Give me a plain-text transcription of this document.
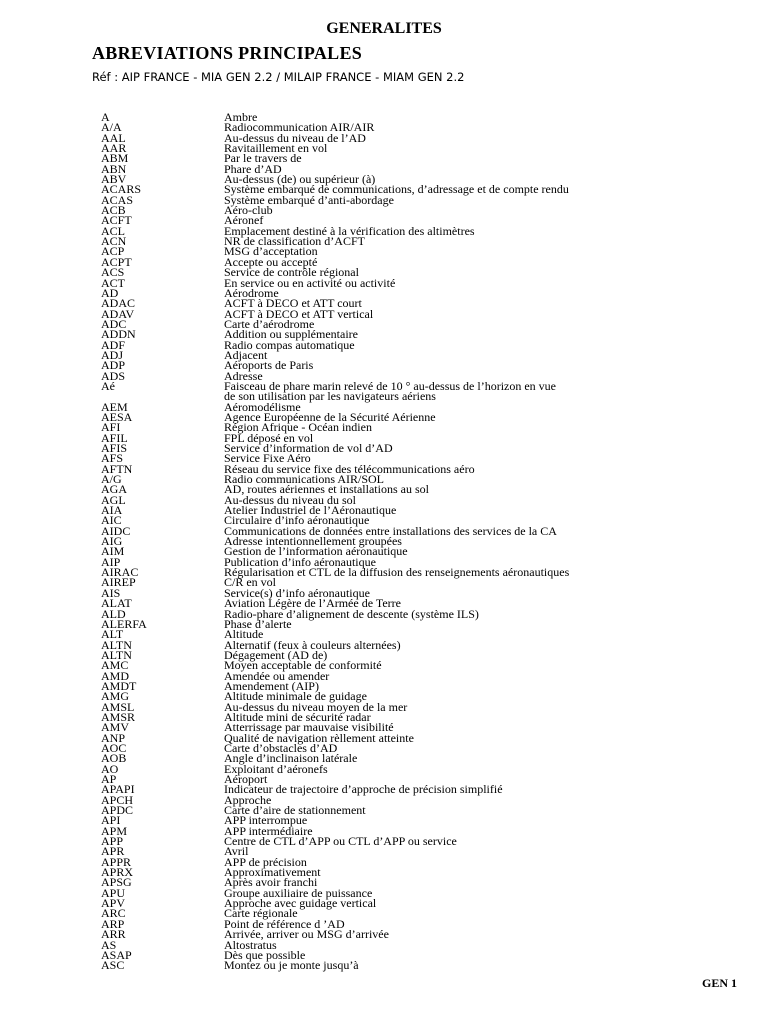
GENERALITES
ABREVIATIONS PRINCIPALES
Réf : AIP FRANCE - MIA GEN 2.2 / MILAIP FRANCE - MIAM GEN 2.2
A	Ambre
A/A	Radiocommunication AIR/AIR
AAL	Au-dessus du niveau de l’AD
AAR	Ravitaillement en vol
ABM	Par le travers de
ABN	Phare d’AD
ABV	Au-dessus (de) ou supérieur (à)
ACARS	Système embarqué de communications, d’adressage et de compte rendu
ACAS	Système embarqué d’anti-abordage
ACB	Aéro-club
ACFT	Aéronef
ACL	Emplacement destiné à la vérification des altimètres
ACN	NR de classification d’ACFT
ACP	MSG d’acceptation
ACPT	Accepte ou accepté
ACS	Service de contrôle régional
ACT	En service ou en activité ou activité
AD	Aérodrome
ADAC	ACFT à DECO et ATT court
ADAV	ACFT à DECO et ATT vertical
ADC	Carte d’aérodrome
ADDN	Addition ou supplémentaire
ADF	Radio compas automatique
ADJ	Adjacent
ADP	Aéroports de Paris
ADS	Adresse
Aé	Faisceau de phare marin relevé de 10 ° au-dessus de l’horizon en vue
de son utilisation par les navigateurs aériens
AEM	Aéromodélisme
AESA	Agence Européenne de la Sécurité Aérienne
AFI	Région Afrique - Océan indien
AFIL	FPL déposé en vol
AFIS	Service d’information de vol d’AD
AFS	Service Fixe Aéro
AFTN	Réseau du service fixe des télécommunications aéro
A/G	Radio communications AIR/SOL
AGA	AD, routes aériennes et installations au sol
AGL	Au-dessus du niveau du sol
AIA	Atelier Industriel de l’Aéronautique
AIC	Circulaire d’info aéronautique
AIDC	Communications de données entre installations des services de la CA
AIG	Adresse intentionnellement groupées
AIM	Gestion de l’information aéronautique
AIP	Publication d’info aéronautique
AIRAC	Régularisation et CTL de la diffusion des renseignements aéronautiques
AIREP	C/R en vol
AIS	Service(s) d’info aéronautique
ALAT	Aviation Légère de l’Armée de Terre
ALD	Radio-phare d’alignement de descente (système ILS)
ALERFA	Phase d’alerte
ALT	Altitude
ALTN	Alternatif (feux à couleurs alternées)
ALTN	Dégagement (AD de)
AMC	Moyen acceptable de conformité
AMD	Amendée ou amender
AMDT	Amendement (AIP)
AMG	Altitude minimale de guidage
AMSL	Au-dessus du niveau moyen de la mer
AMSR	Altitude mini de sécurité radar
AMV	Atterrissage par mauvaise visibilité
ANP	Qualité de navigation rèllement atteinte
AOC	Carte d’obstacles d’AD
AOB	Angle d’inclinaison latérale
AO	Exploitant d’aéronefs
AP	Aéroport
APAPI	Indicateur de trajectoire d’approche de précision simplifié
APCH	Approche
APDC	Carte d’aire de stationnement
API	APP interrompue
APM	APP intermédiaire
APP	Centre de CTL d’APP ou CTL d’APP ou service
APR	Avril
APPR	APP de précision
APRX	Approximativement
APSG	Après avoir franchi
APU	Groupe auxiliaire de puissance
APV	Approche avec guidage vertical
ARC	Carte régionale
ARP	Point de référence d ’AD
ARR	Arrivée, arriver ou MSG d’arrivée
AS	Altostratus
ASAP	Dès que possible
ASC	Montez ou je monte jusqu’à
GEN 1
